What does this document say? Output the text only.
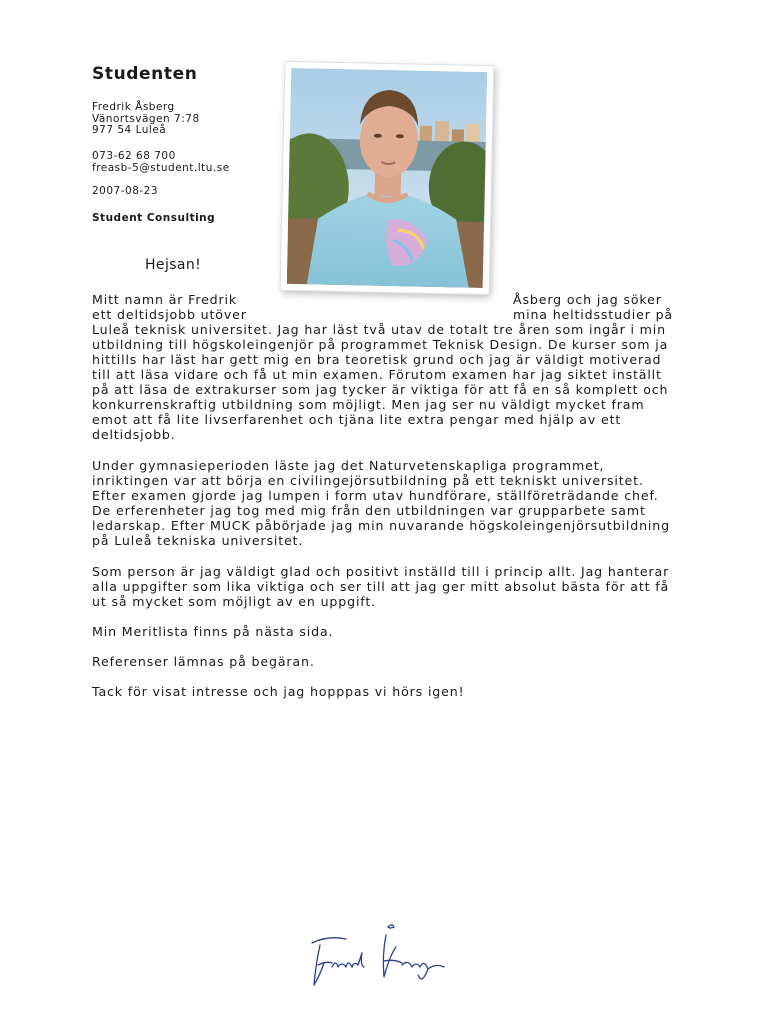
Studenten
Fredrik Åsberg
Vänortsvägen 7:78
977 54 Luleå
073-62 68 700
freasb-5@student.ltu.se
2007-08-23
Student Consulting
Hejsan!
Mitt namn är Fredrik	Åsberg och jag söker
ett deltidsjobb utöver	mina heltidsstudier på
Luleå teknisk universitet. Jag har läst två utav de totalt tre åren som ingår i min
utbildning till högskoleingenjör på programmet Teknisk Design. De kurser som ja
hittills har läst har gett mig en bra teoretisk grund och jag är väldigt motiverad
till att läsa vidare och få ut min examen. Förutom examen har jag siktet inställt
på att läsa de extrakurser som jag tycker är viktiga för att få en så komplett och
konkurrenskraftig utbildning som möjligt. Men jag ser nu väldigt mycket fram
emot att få lite livserfarenhet och tjäna lite extra pengar med hjälp av ett
deltidsjobb.
Under gymnasieperioden läste jag det Naturvetenskapliga programmet,
inriktingen var att börja en civilingejörsutbildning på ett tekniskt universitet.
Efter examen gjorde jag lumpen i form utav hundförare, ställföreträdande chef.
De erferenheter jag tog med mig från den utbildningen var grupparbete samt
ledarskap. Efter MUCK påbörjade jag min nuvarande högskoleingenjörsutbildning
på Luleå tekniska universitet.
Som person är jag väldigt glad och positivt inställd till i princip allt. Jag hanterar
alla uppgifter som lika viktiga och ser till att jag ger mitt absolut bästa för att få
ut så mycket som möjligt av en uppgift.
Min Meritlista finns på nästa sida.
Referenser lämnas på begäran.
Tack för visat intresse och jag hopppas vi hörs igen!
